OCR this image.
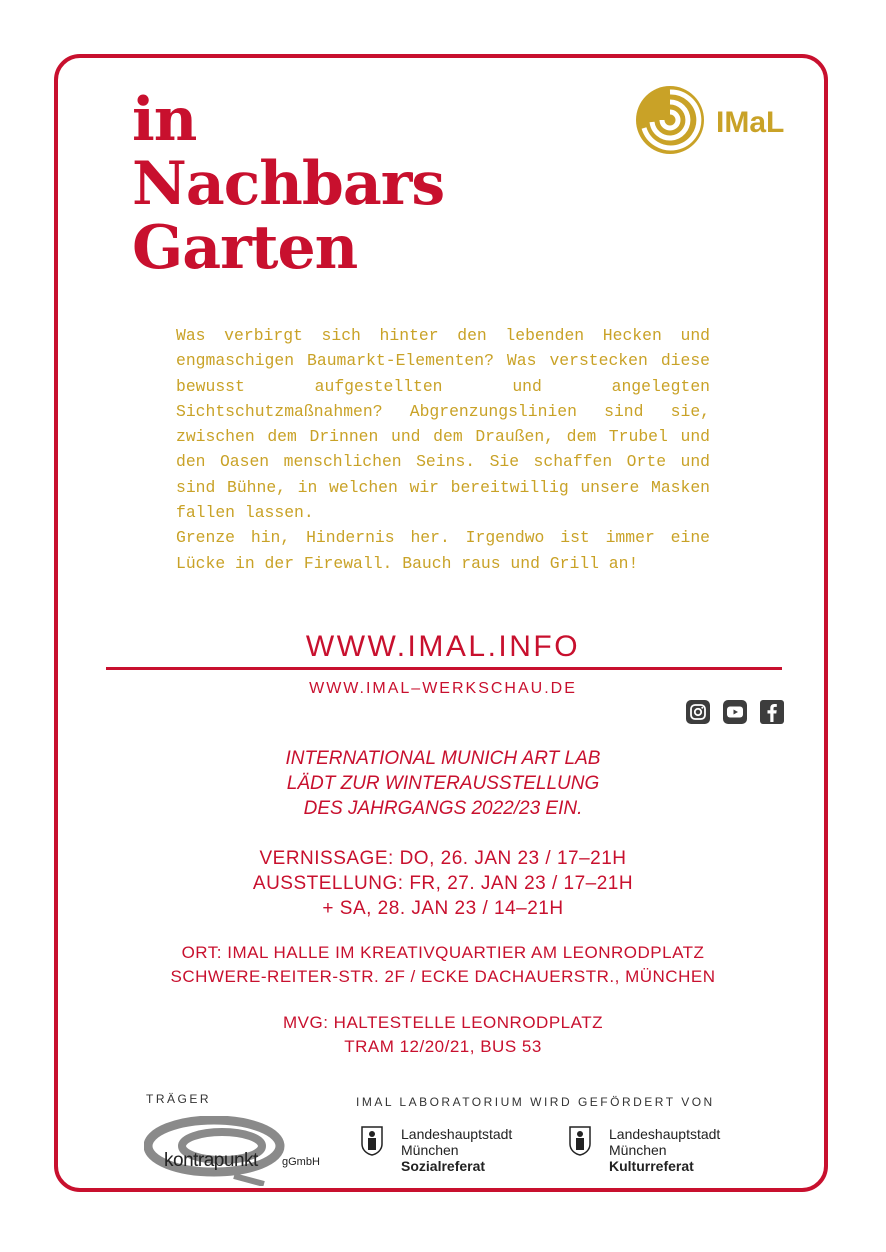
in
Nachbars
Garten
IMaL

Was verbirgt sich hinter den lebenden Hecken und engmaschigen Baumarkt-Elementen? Was verstecken diese bewusst aufgestellten und angelegten Sichtschutzmaßnahmen? Abgrenzungslinien sind sie, zwischen dem Drinnen und dem Draußen, dem Trubel und den Oasen menschlichen Seins. Sie schaffen Orte und sind Bühne, in welchen wir bereitwillig unsere Masken fallen lassen.

Grenze hin, Hindernis her. Irgendwo ist immer eine Lücke in der Firewall. Bauch raus und Grill an!

WWW.IMAL.INFO
WWW.IMAL–WERKSCHAU.DE
INTERNATIONAL MUNICH ART LAB
LÄDT ZUR WINTERAUSSTELLUNG
DES JAHRGANGS 2022/23 EIN.
VERNISSAGE: DO, 26. JAN 23 / 17–21H
AUSSTELLUNG: FR, 27. JAN 23 / 17–21H
+ SA, 28. JAN 23 / 14–21H
ORT: IMAL HALLE IM KREATIVQUARTIER AM LEONRODPLATZ
SCHWERE-REITER-STR. 2F / ECKE DACHAUERSTR., MÜNCHEN
MVG: HALTESTELLE LEONRODPLATZ
TRAM 12/20/21, BUS 53
TRÄGER	IMAL LABORATORIUM WIRD GEFÖRDERT VON
kontrapunkt gGmbH
Landeshauptstadt
München
Sozialreferat
Landeshauptstadt
München
Kulturreferat
